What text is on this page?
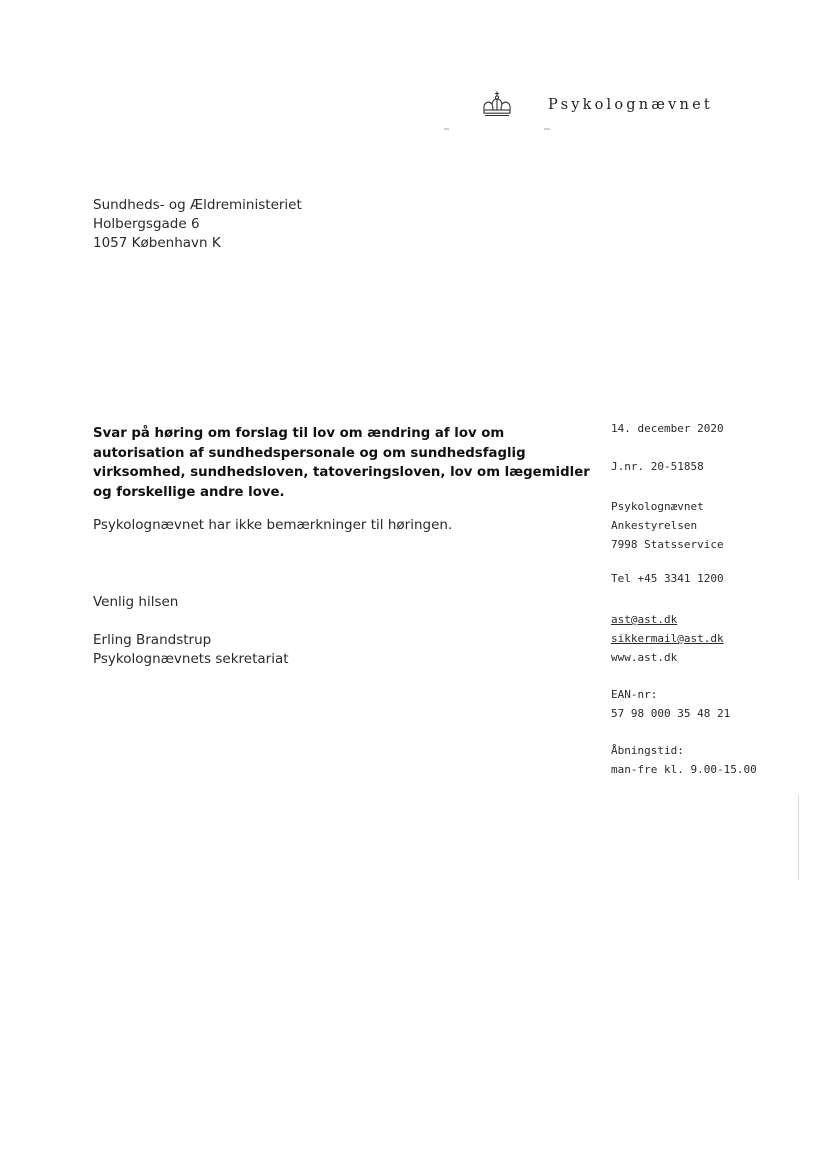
Psykolognævnet
Sundheds- og Ældreministeriet
Holbergsgade 6
1057 København K
Svar på høring om forslag til lov om ændring af lov om autorisation af sundhedspersonale og om sundhedsfaglig virksomhed, sundhedsloven, tatoveringsloven, lov om lægemidler og forskellige andre love.
Psykolognævnet har ikke bemærkninger til høringen.
Venlig hilsen
Erling Brandstrup
Psykolognævnets sekretariat
14. december 2020
J.nr. 20-51858
Psykolognævnet
Ankestyrelsen
7998 Statsservice
Tel +45 3341 1200
ast@ast.dk
sikkermail@ast.dk
www.ast.dk
EAN-nr:
57 98 000 35 48 21
Åbningstid:
man-fre kl. 9.00-15.00
